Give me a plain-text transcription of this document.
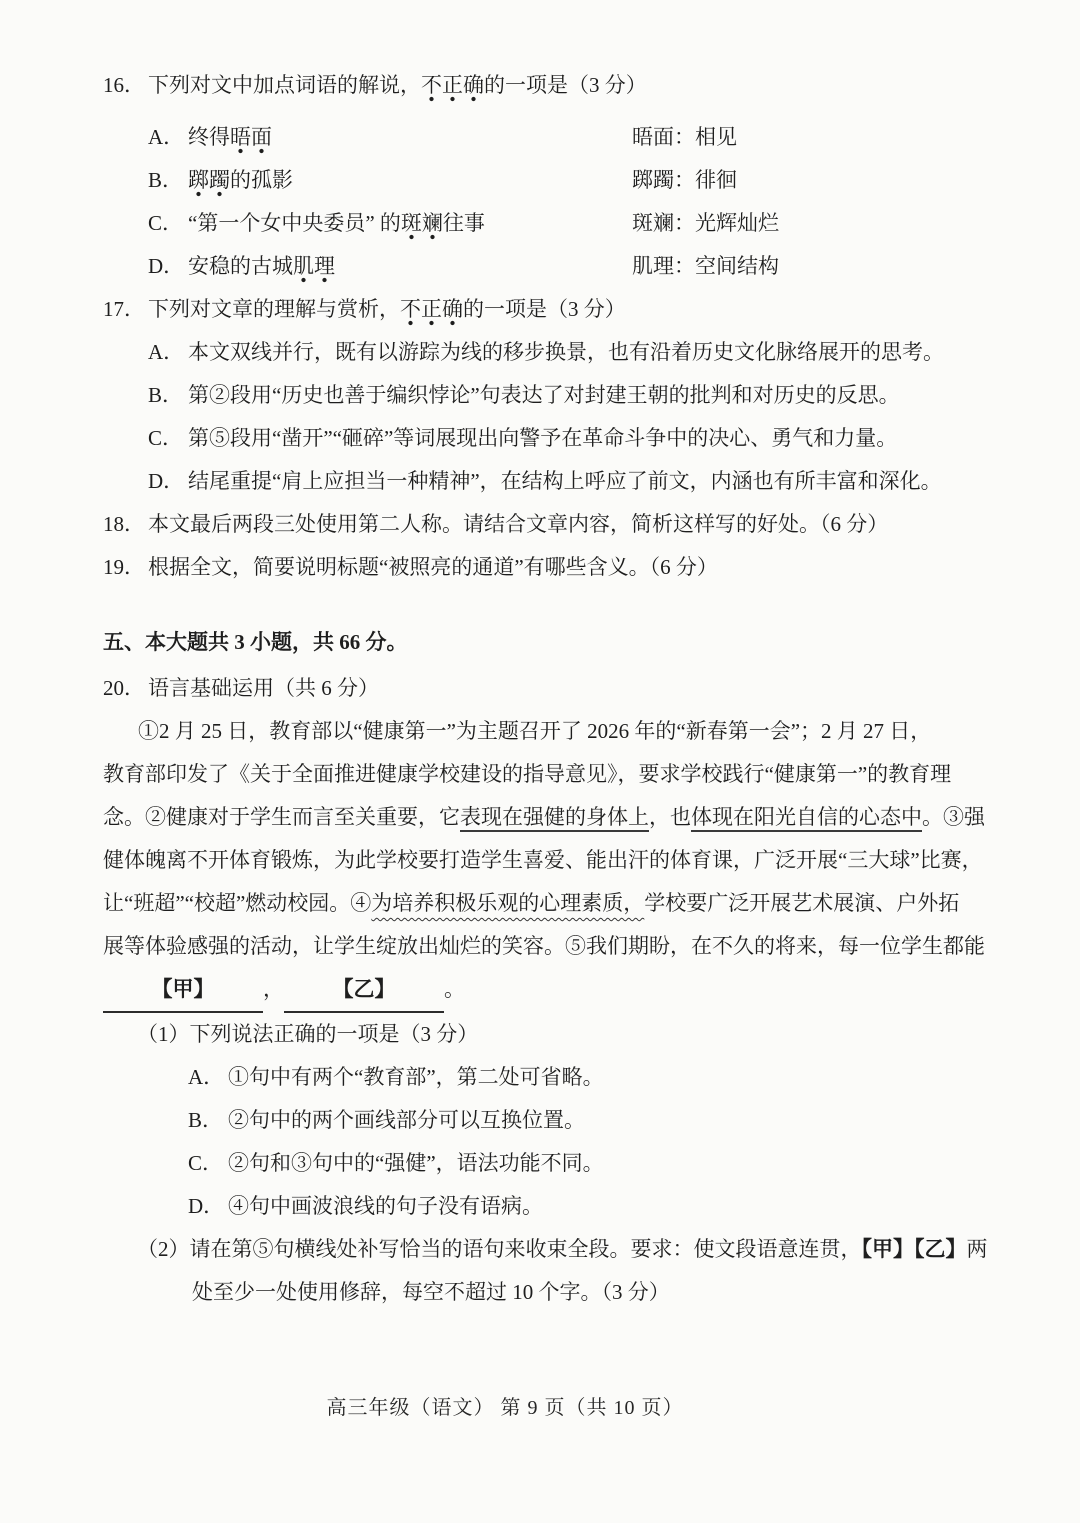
16． 下列对文中加点词语的解说，不正确的一项是（3 分）
A． 终得晤面	晤面：相见
B． 踯躅的孤影	踯躅：徘徊
C． “第一个女中央委员” 的斑斓往事	斑斓：光辉灿烂
D． 安稳的古城肌理	肌理：空间结构
17． 下列对文章的理解与赏析，不正确的一项是（3 分）
A． 本文双线并行，既有以游踪为线的移步换景，也有沿着历史文化脉络展开的思考。
B． 第②段用“历史也善于编织悖论”句表达了对封建王朝的批判和对历史的反思。
C． 第⑤段用“凿开”“砸碎”等词展现出向警予在革命斗争中的决心、勇气和力量。
D． 结尾重提“肩上应担当一种精神”，在结构上呼应了前文，内涵也有所丰富和深化。
18． 本文最后两段三处使用第二人称。请结合文章内容，简析这样写的好处。（6 分）
19． 根据全文，简要说明标题“被照亮的通道”有哪些含义。（6 分）
五、本大题共 3 小题，共 66 分。
20． 语言基础运用（共 6 分）
①2 月 25 日，教育部以“健康第一”为主题召开了 2026 年的“新春第一会”；2 月 27 日，
教育部印发了《关于全面推进健康学校建设的指导意见》，要求学校践行“健康第一”的教育理
念。②健康对于学生而言至关重要，它表现在强健的身体上，也体现在阳光自信的心态中。③强
健体魄离不开体育锻炼，为此学校要打造学生喜爱、能出汗的体育课，广泛开展“三大球”比赛，
让“班超”“校超”燃动校园。④为培养积极乐观的心理素质，学校要广泛开展艺术展演、户外拓
展等体验感强的活动，让学生绽放出灿烂的笑容。⑤我们期盼，在不久的将来，每一位学生都能
【甲】 ， 【乙】 。
（1）下列说法正确的一项是（3 分）
A． ①句中有两个“教育部”，第二处可省略。
B． ②句中的两个画线部分可以互换位置。
C． ②句和③句中的“强健”，语法功能不同。
D． ④句中画波浪线的句子没有语病。
（2）请在第⑤句横线处补写恰当的语句来收束全段。要求：使文段语意连贯，【甲】【乙】两
处至少一处使用修辞，每空不超过 10 个字。（3 分）
高三年级（语文） 第 9 页（共 10 页）
